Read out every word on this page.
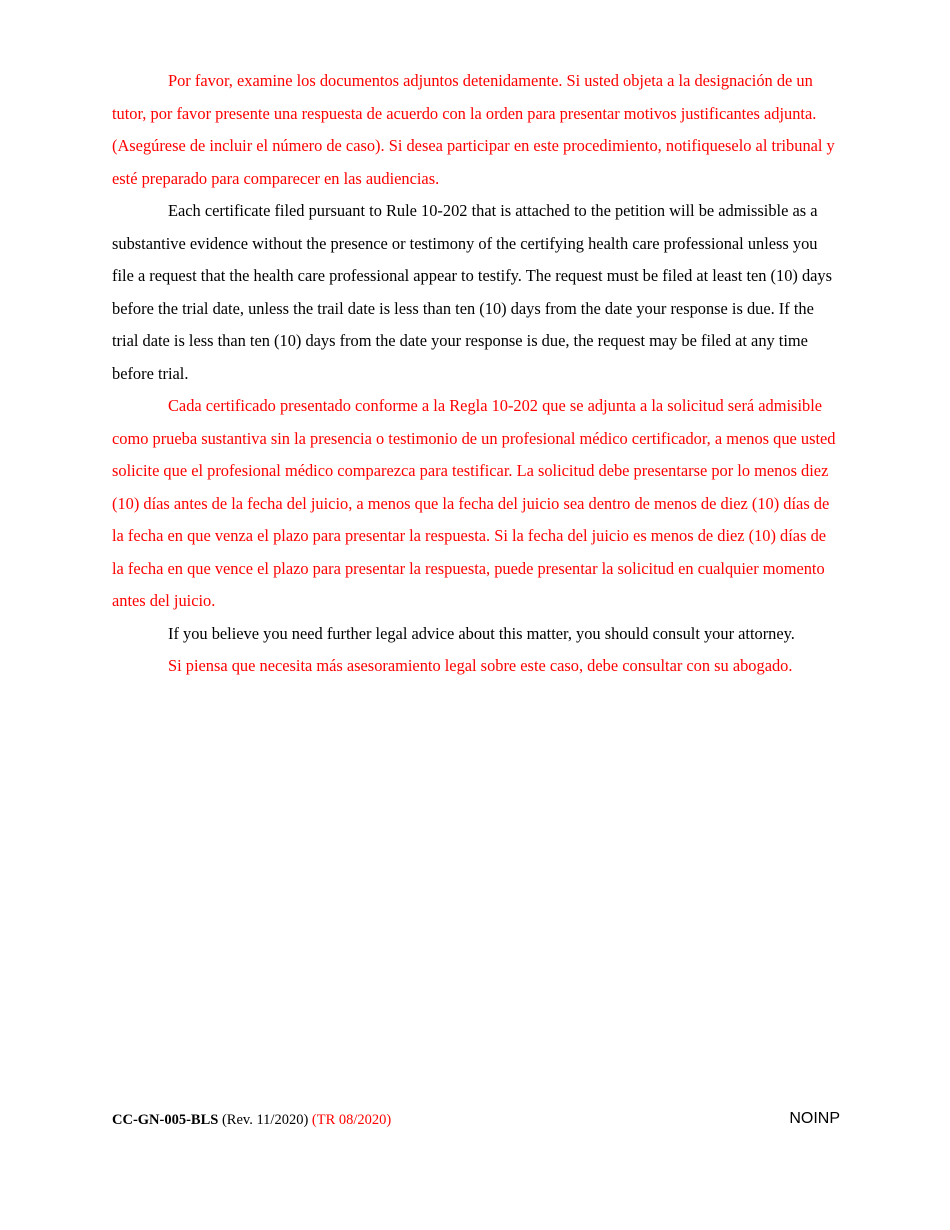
Por favor, examine los documentos adjuntos detenidamente. Si usted objeta a la designación de un tutor, por favor presente una respuesta de acuerdo con la orden para presentar motivos justificantes adjunta. (Asegúrese de incluir el número de caso). Si desea participar en este procedimiento, notifiqueselo al tribunal y esté preparado para comparecer en las audiencias.

Each certificate filed pursuant to Rule 10-202 that is attached to the petition will be admissible as a substantive evidence without the presence or testimony of the certifying health care professional unless you file a request that the health care professional appear to testify. The request must be filed at least ten (10) days before the trial date, unless the trail date is less than ten (10) days from the date your response is due. If the trial date is less than ten (10) days from the date your response is due, the request may be filed at any time before trial.

Cada certificado presentado conforme a la Regla 10-202 que se adjunta a la solicitud será admisible como prueba sustantiva sin la presencia o testimonio de un profesional médico certificador, a menos que usted solicite que el profesional médico comparezca para testificar. La solicitud debe presentarse por lo menos diez (10) días antes de la fecha del juicio, a menos que la fecha del juicio sea dentro de menos de diez (10) días de la fecha en que venza el plazo para presentar la respuesta. Si la fecha del juicio es menos de diez (10) días de la fecha en que vence el plazo para presentar la respuesta, puede presentar la solicitud en cualquier momento antes del juicio.

If you believe you need further legal advice about this matter, you should consult your attorney.

Si piensa que necesita más asesoramiento legal sobre este caso, debe consultar con su abogado.

CC-GN-005-BLS (Rev. 11/2020) (TR 08/2020)	NOINP
